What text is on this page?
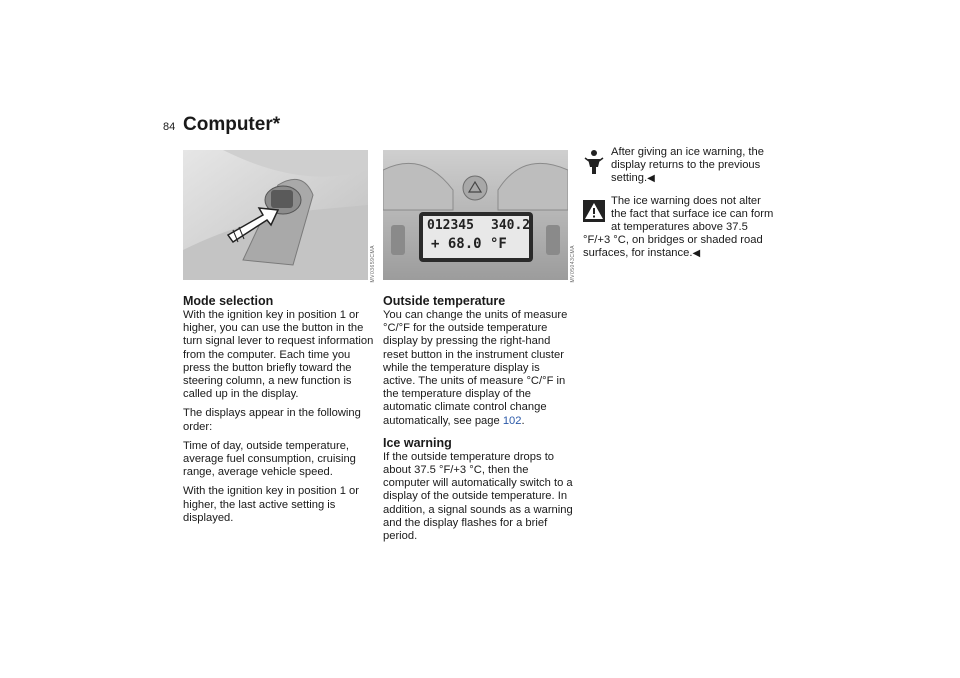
84 Computer*
MV03659CMA
012345 340.2
+ 68.0 °F
MV05043CMA
Mode selection

With the ignition key in position 1 or higher, you can use the button in the turn signal lever to request information from the computer. Each time you press the button briefly toward the steering column, a new function is called up in the display.

The displays appear in the following order:

Time of day, outside temperature, average fuel consumption, cruising range, average vehicle speed.

With the ignition key in position 1 or higher, the last active setting is displayed.

Outside temperature

You can change the units of measure °C/°F for the outside temperature display by pressing the right-hand reset button in the instrument cluster while the temperature display is active. The units of measure °C/°F in the temperature display of the automatic climate control change automatically, see page 102.

Ice warning

If the outside temperature drops to about 37.5 °F/+3 °C, then the computer will automatically switch to a display of the outside temperature. In addition, a signal sounds as a warning and the display flashes for a brief period.

After giving an ice warning, the display returns to the previous setting.◀
The ice warning does not alter the fact that surface ice can form at temperatures above 37.5 °F/+3 °C, on bridges or shaded road surfaces, for instance.◀
